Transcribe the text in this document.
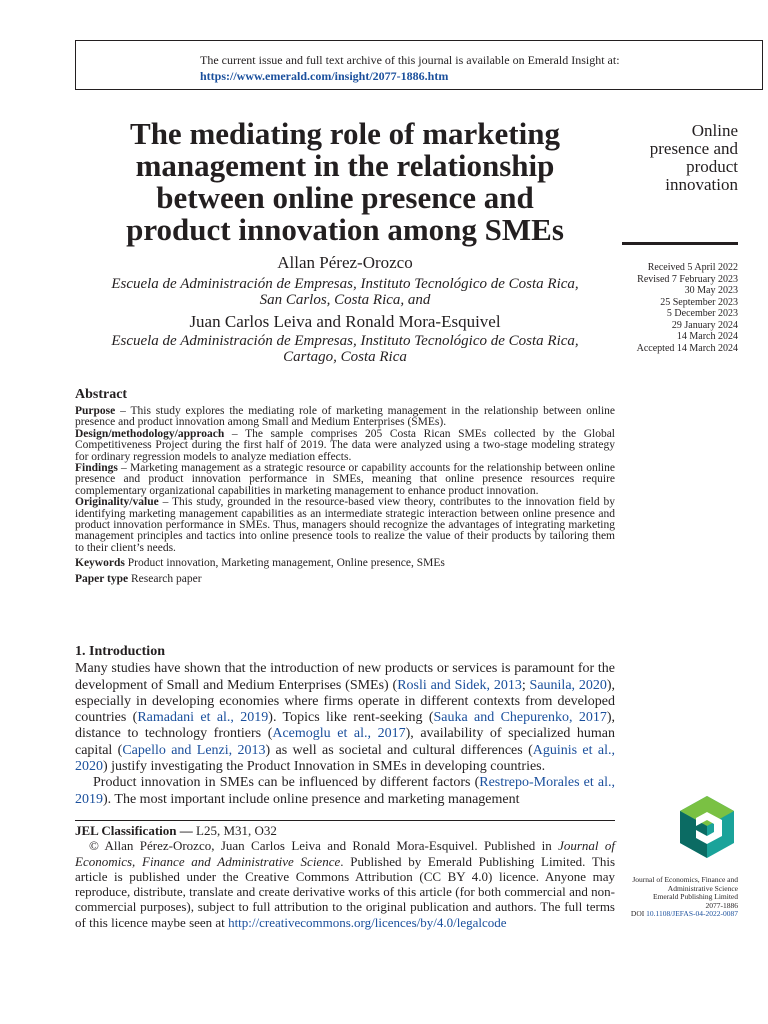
The current issue and full text archive of this journal is available on Emerald Insight at:
https://www.emerald.com/insight/2077-1886.htm
The mediating role of marketing
management in the relationship
between online presence and
product innovation among SMEs
Online
presence and
product
innovation
Received 5 April 2022
Revised 7 February 2023
30 May 2023
25 September 2023
5 December 2023
29 January 2024
14 March 2024
Accepted 14 March 2024
Allan Pérez-Orozco
Escuela de Administración de Empresas, Instituto Tecnológico de Costa Rica,
San Carlos, Costa Rica, and
Juan Carlos Leiva and Ronald Mora-Esquivel
Escuela de Administración de Empresas, Instituto Tecnológico de Costa Rica,
Cartago, Costa Rica
Abstract

Purpose – This study explores the mediating role of marketing management in the relationship between online presence and product innovation among Small and Medium Enterprises (SMEs).

Design/methodology/approach – The sample comprises 205 Costa Rican SMEs collected by the Global Competitiveness Project during the first half of 2019. The data were analyzed using a two-stage modeling strategy for ordinary regression models to analyze mediation effects.

Findings – Marketing management as a strategic resource or capability accounts for the relationship between online presence and product innovation performance in SMEs, meaning that online presence resources require complementary organizational capabilities in marketing management to enhance product innovation.

Originality/value – This study, grounded in the resource-based view theory, contributes to the innovation field by identifying marketing management capabilities as an intermediate strategic interaction between online presence and product innovation performance in SMEs. Thus, managers should recognize the advantages of integrating marketing management principles and tactics into online presence tools to realize the value of their products by tailoring them to their client’s needs.

Keywords Product innovation, Marketing management, Online presence, SMEs

Paper type Research paper

1. Introduction

Many studies have shown that the introduction of new products or services is paramount for the development of Small and Medium Enterprises (SMEs) (Rosli and Sidek, 2013; Saunila, 2020), especially in developing economies where firms operate in different contexts from developed countries (Ramadani et al., 2019). Topics like rent-seeking (Sauka and Chepurenko, 2017), distance to technology frontiers (Acemoglu et al., 2017), availability of specialized human capital (Capello and Lenzi, 2013) as well as societal and cultural differences (Aguinis et al., 2020) justify investigating the Product Innovation in SMEs in developing countries.

Product innovation in SMEs can be influenced by different factors (Restrepo-Morales et al., 2019). The most important include online presence and marketing management

JEL Classification — L25, M31, O32

© Allan Pérez-Orozco, Juan Carlos Leiva and Ronald Mora-Esquivel. Published in Journal of Economics, Finance and Administrative Science. Published by Emerald Publishing Limited. This article is published under the Creative Commons Attribution (CC BY 4.0) licence. Anyone may reproduce, distribute, translate and create derivative works of this article (for both commercial and non-commercial purposes), subject to full attribution to the original publication and authors. The full terms of this licence maybe seen at http://creativecommons.org/licences/by/4.0/legalcode

Journal of Economics, Finance and
Administrative Science
Emerald Publishing Limited
2077-1886
DOI 10.1108/JEFAS-04-2022-0087
